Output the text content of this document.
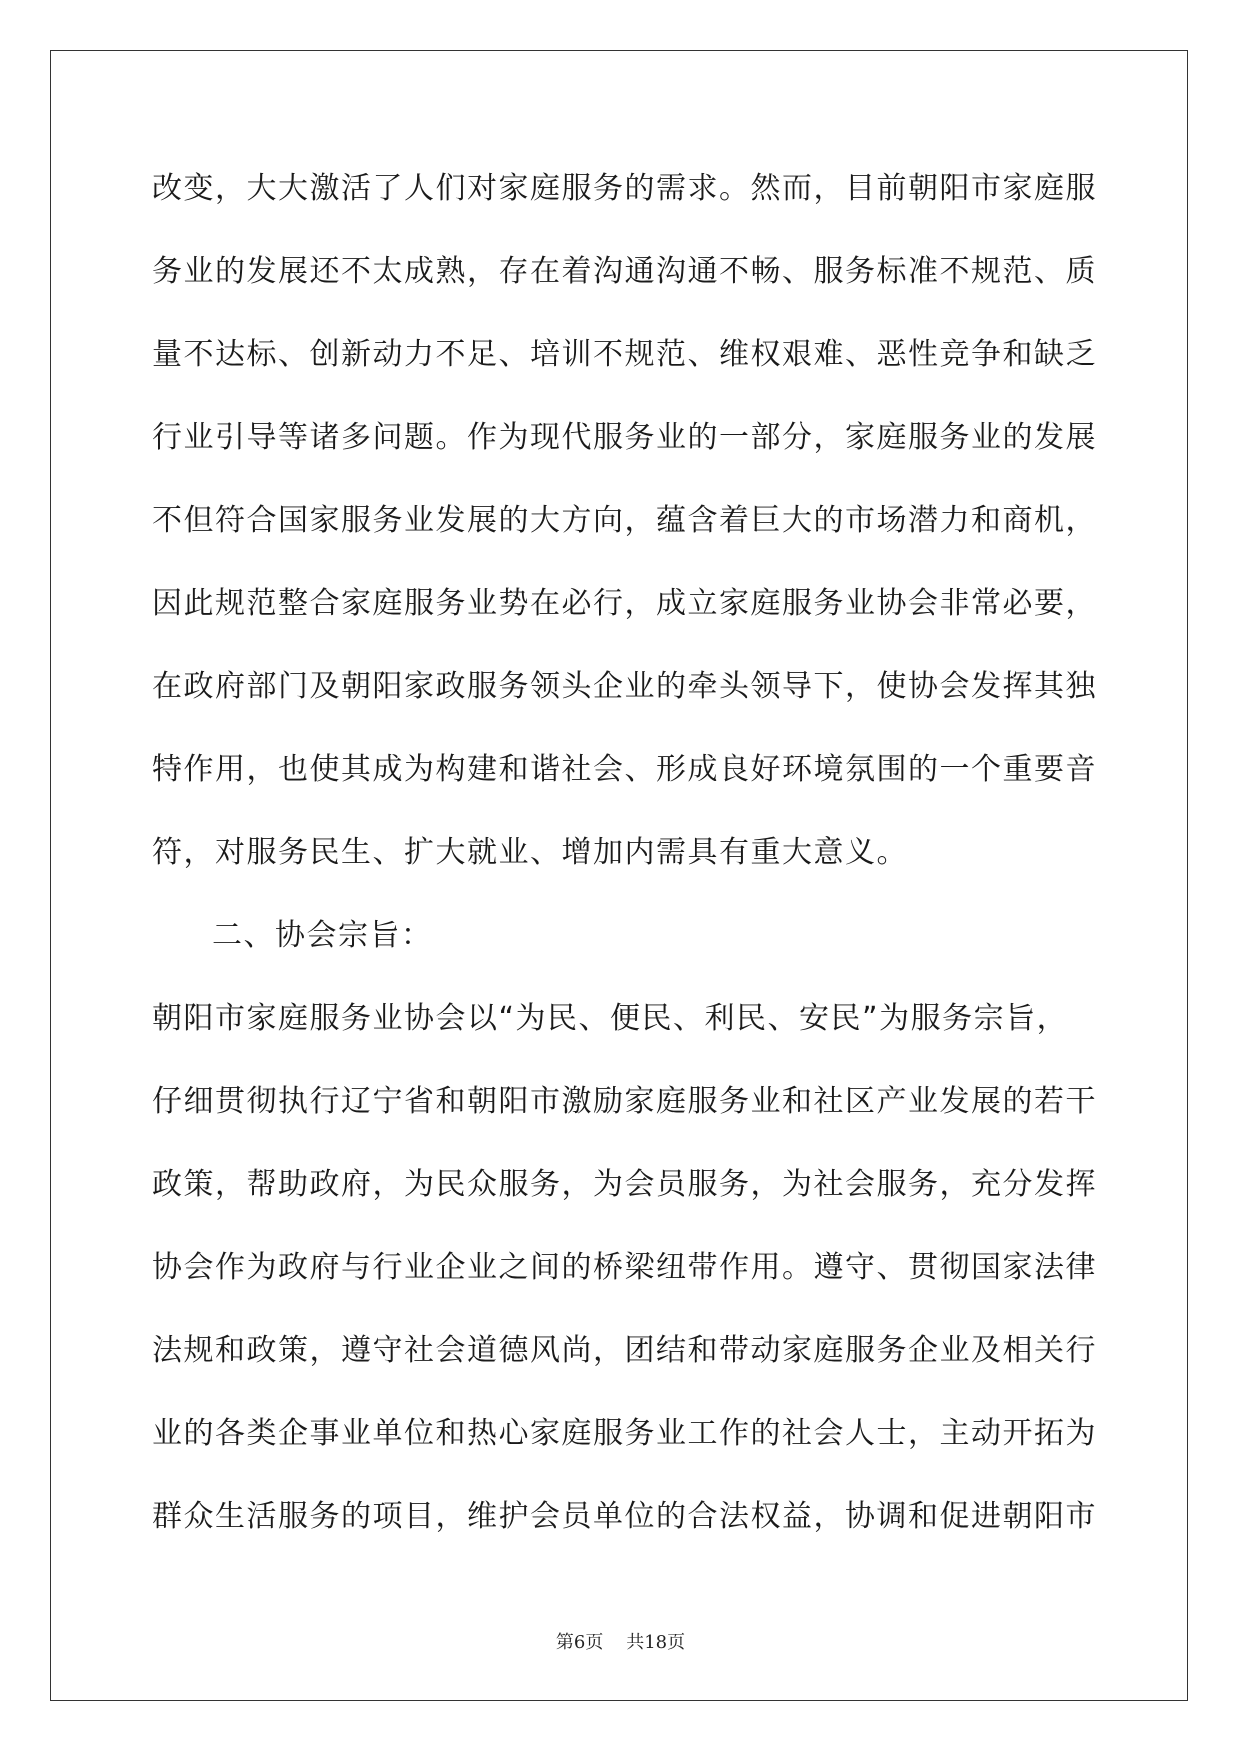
改变，大大激活了人们对家庭服务的需求。然而，目前朝阳市家庭服
务业的发展还不太成熟，存在着沟通沟通不畅、服务标准不规范、质
量不达标、创新动力不足、培训不规范、维权艰难、恶性竞争和缺乏
行业引导等诸多问题。作为现代服务业的一部分，家庭服务业的发展
不但符合国家服务业发展的大方向，蕴含着巨大的市场潜力和商机，
因此规范整合家庭服务业势在必行，成立家庭服务业协会非常必要，
在政府部门及朝阳家政服务领头企业的牵头领导下，使协会发挥其独
特作用，也使其成为构建和谐社会、形成良好环境氛围的一个重要音
符，对服务民生、扩大就业、增加内需具有重大意义。
二、协会宗旨：
朝阳市家庭服务业协会以“为民、便民、利民、安民”为服务宗旨，
仔细贯彻执行辽宁省和朝阳市激励家庭服务业和社区产业发展的若干
政策，帮助政府，为民众服务，为会员服务，为社会服务，充分发挥
协会作为政府与行业企业之间的桥梁纽带作用。遵守、贯彻国家法律
法规和政策，遵守社会道德风尚，团结和带动家庭服务企业及相关行
业的各类企事业单位和热心家庭服务业工作的社会人士，主动开拓为
群众生活服务的项目，维护会员单位的合法权益，协调和促进朝阳市
第6页 共18页
